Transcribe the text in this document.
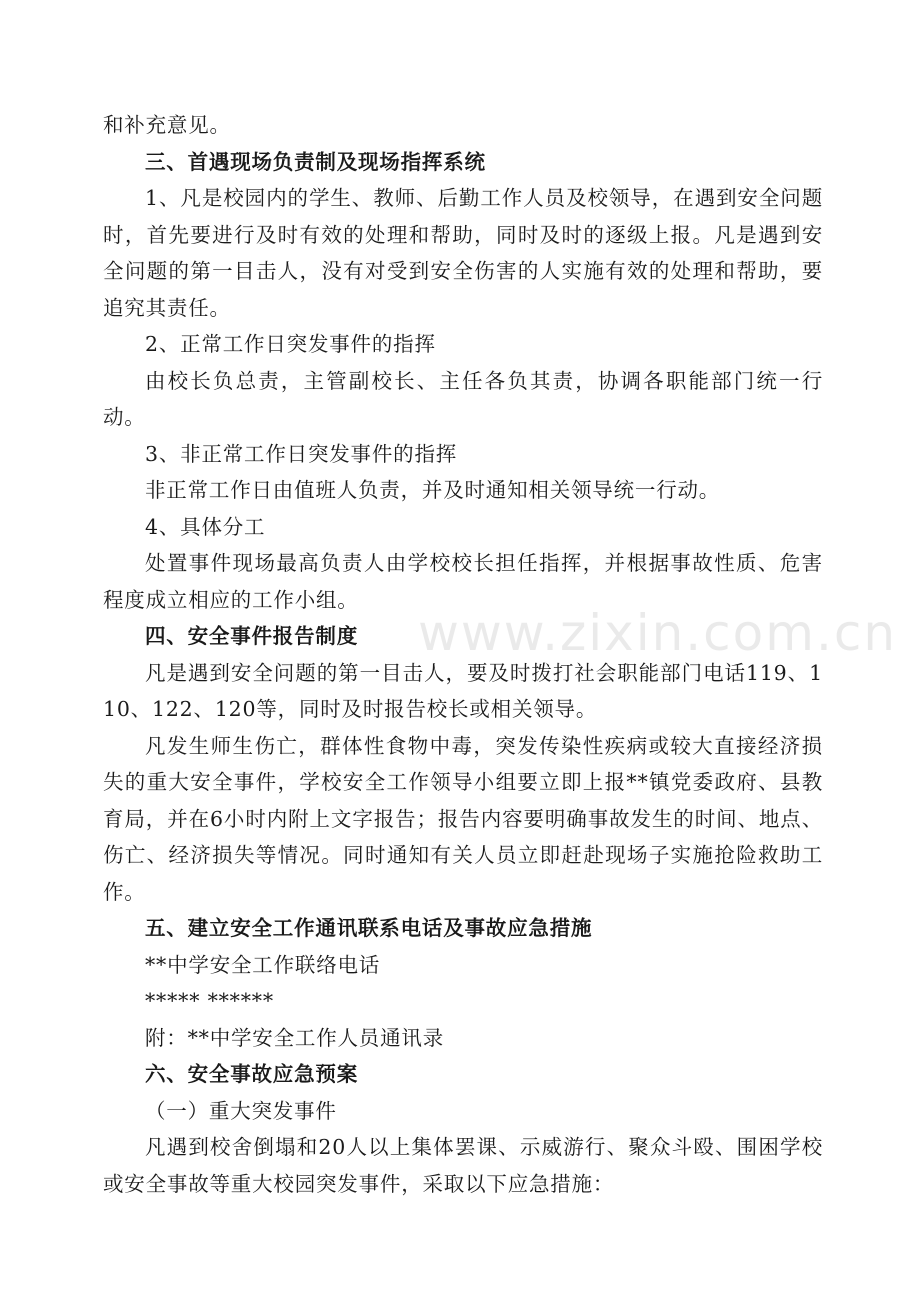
和补充意见。

三、首遇现场负责制及现场指挥系统

1、凡是校园内的学生、教师、后勤工作人员及校领导，在遇到安全问题时，首先要进行及时有效的处理和帮助，同时及时的逐级上报。凡是遇到安全问题的第一目击人，没有对受到安全伤害的人实施有效的处理和帮助，要追究其责任。

2、正常工作日突发事件的指挥

由校长负总责，主管副校长、主任各负其责，协调各职能部门统一行动。

3、非正常工作日突发事件的指挥

非正常工作日由值班人负责，并及时通知相关领导统一行动。

4、具体分工

处置事件现场最高负责人由学校校长担任指挥，并根据事故性质、危害程度成立相应的工作小组。

四、安全事件报告制度

凡是遇到安全问题的第一目击人，要及时拨打社会职能部门电话119、110、122、120等，同时及时报告校长或相关领导。

凡发生师生伤亡，群体性食物中毒，突发传染性疾病或较大直接经济损失的重大安全事件，学校安全工作领导小组要立即上报**镇党委政府、县教育局，并在6小时内附上文字报告；报告内容要明确事故发生的时间、地点、伤亡、经济损失等情况。同时通知有关人员立即赶赴现场子实施抢险救助工作。

五、建立安全工作通讯联系电话及事故应急措施

**中学安全工作联络电话

***** ******

附：**中学安全工作人员通讯录

六、安全事故应急预案

（一）重大突发事件

凡遇到校舍倒塌和20人以上集体罢课、示威游行、聚众斗殴、围困学校或安全事故等重大校园突发事件，采取以下应急措施：

www.zixin.com.cn
